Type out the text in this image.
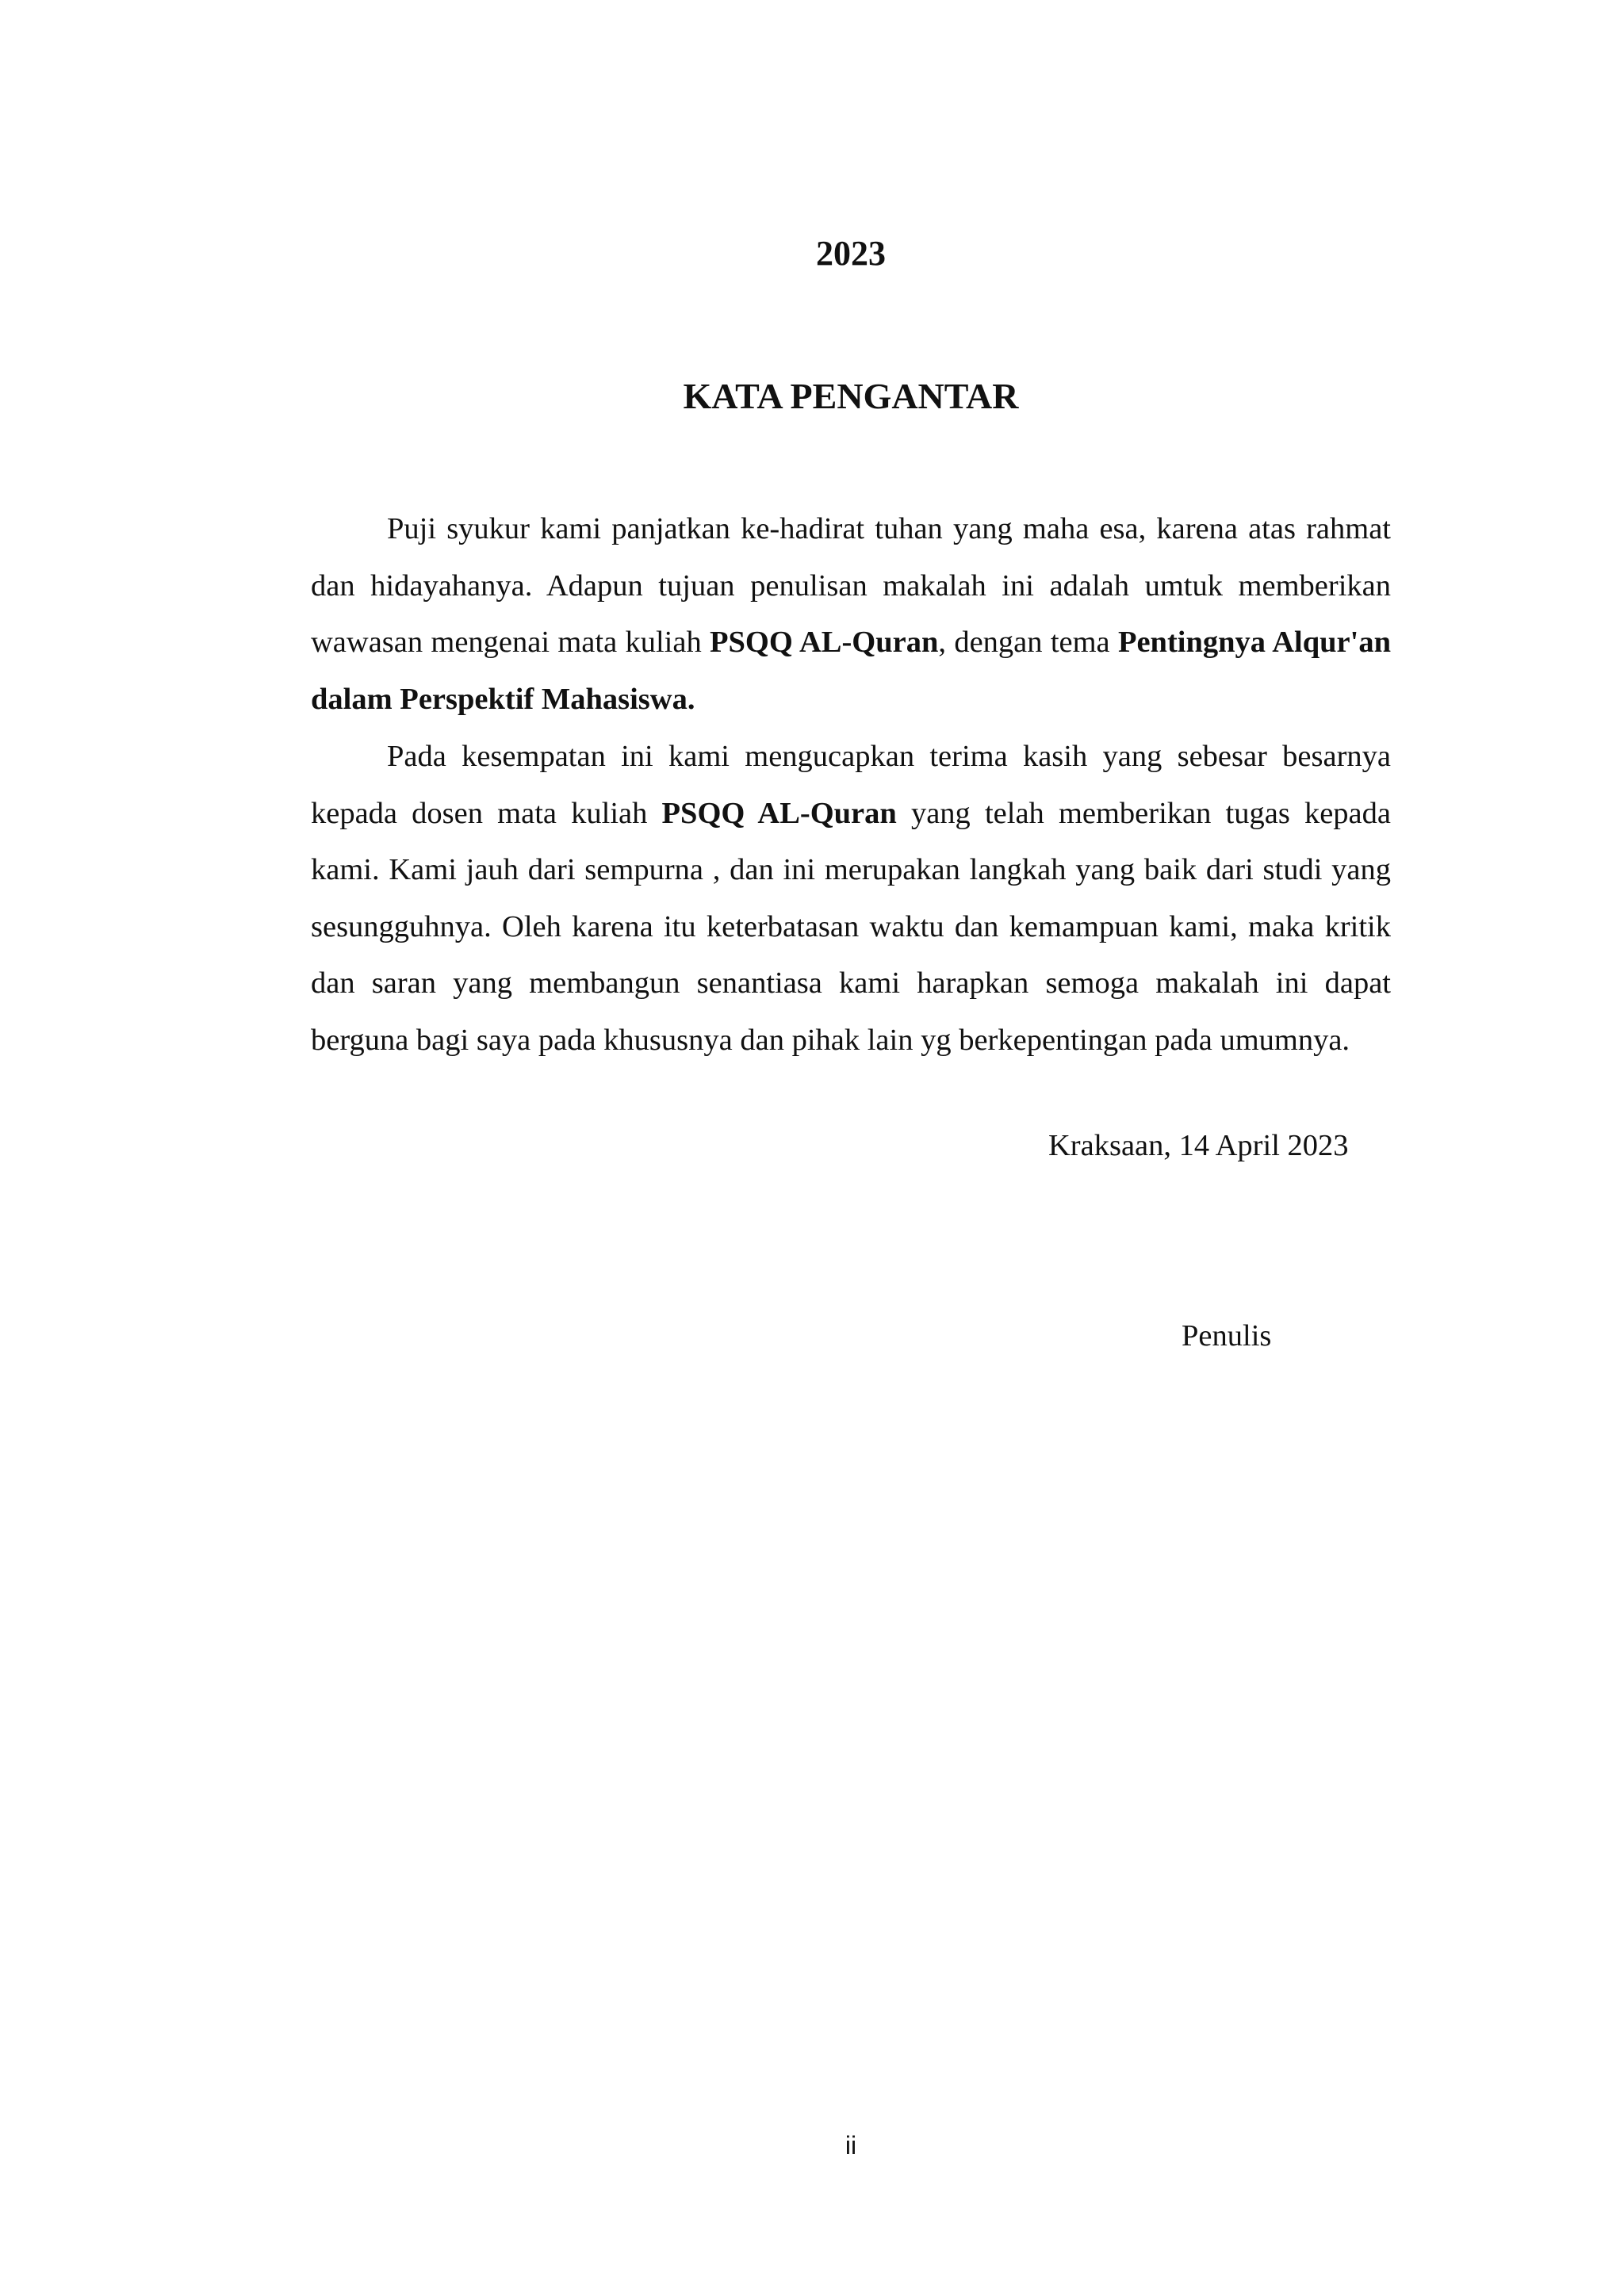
2023
KATA PENGANTAR

Puji syukur kami panjatkan ke-hadirat tuhan yang maha esa, karena atas rahmat dan hidayahanya. Adapun tujuan penulisan makalah ini adalah umtuk memberikan wawasan mengenai mata kuliah PSQQ AL-Quran, dengan tema Pentingnya Alqur'an dalam Perspektif Mahasiswa.

Pada kesempatan ini kami mengucapkan terima kasih yang sebesar besarnya kepada dosen mata kuliah PSQQ AL-Quran yang telah memberikan tugas kepada kami. Kami jauh dari sempurna , dan ini merupakan langkah yang baik dari studi yang sesungguhnya. Oleh karena itu keterbatasan waktu dan kemampuan kami, maka kritik dan saran yang membangun senantiasa kami harapkan semoga makalah ini dapat berguna bagi saya pada khususnya dan pihak lain yg berkepentingan pada umumnya.

Kraksaan, 14 April 2023
Penulis
ii
